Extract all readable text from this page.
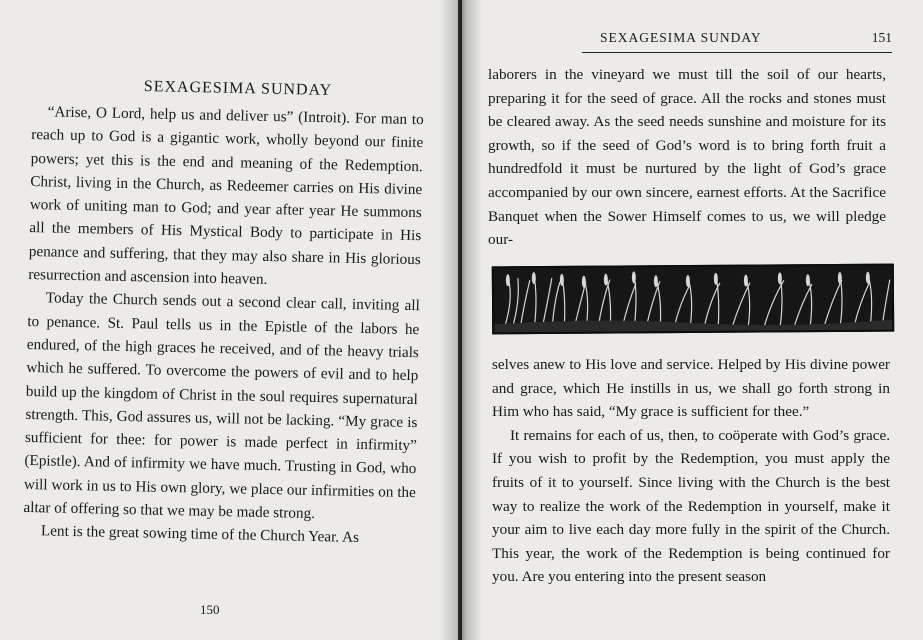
SEXAGESIMA SUNDAY

“Arise, O Lord, help us and deliver us” (Introit). For man to reach up to God is a gigantic work, wholly beyond our finite powers; yet this is the end and meaning of the Redemption. Christ, living in the Church, as Redeemer carries on His divine work of uniting man to God; and year after year He summons all the members of His Mystical Body to participate in His penance and suffering, that they may also share in His glorious resurrection and ascension into heaven.

Today the Church sends out a second clear call, inviting all to penance. St. Paul tells us in the Epistle of the labors he endured, of the high graces he received, and of the heavy trials which he suffered. To overcome the powers of evil and to help build up the kingdom of Christ in the soul requires supernatural strength. This, God assures us, will not be lacking. “My grace is sufficient for thee: for power is made perfect in infirmity” (Epistle). And of infirmity we have much. Trusting in God, who will work in us to His own glory, we place our infirmities on the altar of offering so that we may be made strong.

Lent is the great sowing time of the Church Year. As

150
SEXAGESIMA SUNDAY	151

laborers in the vineyard we must till the soil of our hearts, preparing it for the seed of grace. All the rocks and stones must be cleared away. As the seed needs sunshine and moisture for its growth, so if the seed of God’s word is to bring forth fruit a hundredfold it must be nurtured by the light of God’s grace accompanied by our own sincere, earnest efforts. At the Sacrifice Banquet when the Sower Himself comes to us, we will pledge our-

selves anew to His love and service. Helped by His divine power and grace, which He instills in us, we shall go forth strong in Him who has said, “My grace is sufficient for thee.”

It remains for each of us, then, to coöperate with God’s grace. If you wish to profit by the Redemption, you must apply the fruits of it to yourself. Since living with the Church is the best way to realize the work of the Redemption in yourself, make it your aim to live each day more fully in the spirit of the Church. This year, the work of the Redemption is being continued for you. Are you entering into the present season
